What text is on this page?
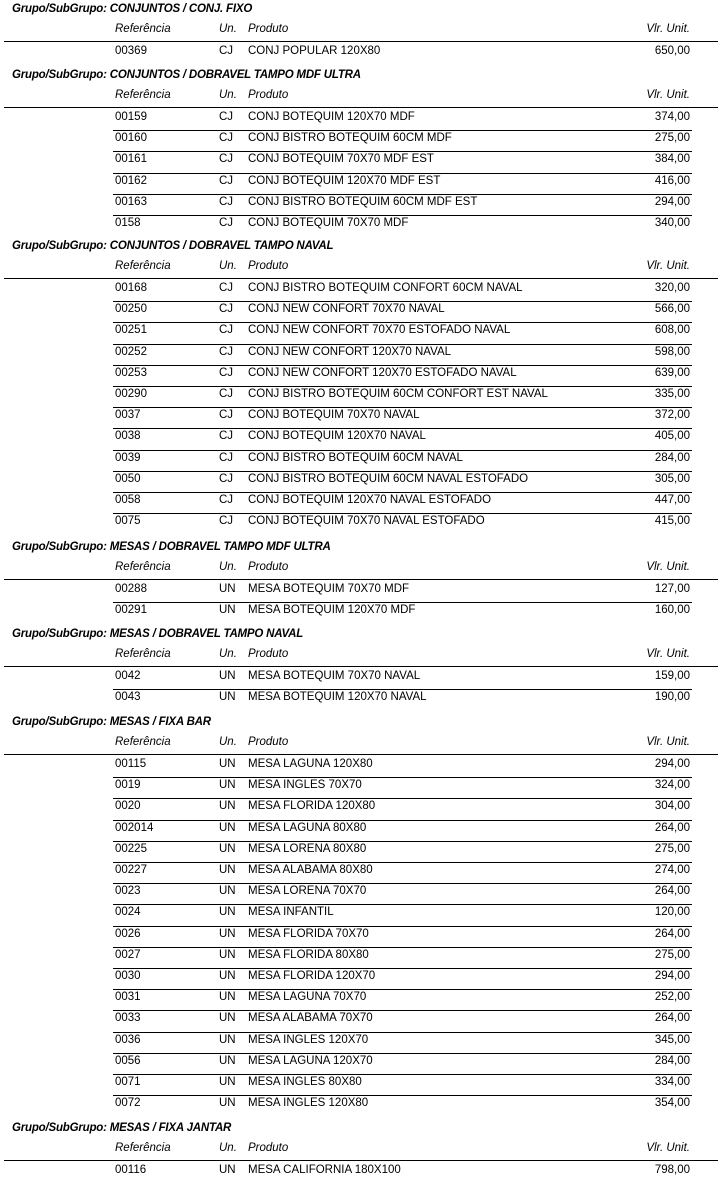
Grupo/SubGrupo: CONJUNTOS / CONJ. FIXO
Referência	Un. Produto	Vlr. Unit.
00369	CJ CONJ POPULAR 120X80	650,00
Grupo/SubGrupo: CONJUNTOS / DOBRAVEL TAMPO MDF ULTRA
Referência	Un. Produto	Vlr. Unit.
00159	CJ CONJ BOTEQUIM 120X70 MDF	374,00
00160	CJ CONJ BISTRO BOTEQUIM 60CM MDF	275,00
00161	CJ CONJ BOTEQUIM 70X70 MDF EST	384,00
00162	CJ CONJ BOTEQUIM 120X70 MDF EST	416,00
00163	CJ CONJ BISTRO BOTEQUIM 60CM MDF EST	294,00
0158	CJ CONJ BOTEQUIM 70X70 MDF	340,00
Grupo/SubGrupo: CONJUNTOS / DOBRAVEL TAMPO NAVAL
Referência	Un. Produto	Vlr. Unit.
00168	CJ CONJ BISTRO BOTEQUIM CONFORT 60CM NAVAL	320,00
00250	CJ CONJ NEW CONFORT 70X70 NAVAL	566,00
00251	CJ CONJ NEW CONFORT 70X70 ESTOFADO NAVAL	608,00
00252	CJ CONJ NEW CONFORT 120X70 NAVAL	598,00
00253	CJ CONJ NEW CONFORT 120X70 ESTOFADO NAVAL	639,00
00290	CJ CONJ BISTRO BOTEQUIM 60CM CONFORT EST NAVAL	335,00
0037	CJ CONJ BOTEQUIM 70X70 NAVAL	372,00
0038	CJ CONJ BOTEQUIM 120X70 NAVAL	405,00
0039	CJ CONJ BISTRO BOTEQUIM 60CM NAVAL	284,00
0050	CJ CONJ BISTRO BOTEQUIM 60CM NAVAL ESTOFADO	305,00
0058	CJ CONJ BOTEQUIM 120X70 NAVAL ESTOFADO	447,00
0075	CJ CONJ BOTEQUIM 70X70 NAVAL ESTOFADO	415,00
Grupo/SubGrupo: MESAS / DOBRAVEL TAMPO MDF ULTRA
Referência	Un. Produto	Vlr. Unit.
00288	UN MESA BOTEQUIM 70X70 MDF	127,00
00291	UN MESA BOTEQUIM 120X70 MDF	160,00
Grupo/SubGrupo: MESAS / DOBRAVEL TAMPO NAVAL
Referência	Un. Produto	Vlr. Unit.
0042	UN MESA BOTEQUIM 70X70 NAVAL	159,00
0043	UN MESA BOTEQUIM 120X70 NAVAL	190,00
Grupo/SubGrupo: MESAS / FIXA BAR
Referência	Un. Produto	Vlr. Unit.
00115	UN MESA LAGUNA 120X80	294,00
0019	UN MESA INGLES 70X70	324,00
0020	UN MESA FLORIDA 120X80	304,00
002014	UN MESA LAGUNA 80X80	264,00
00225	UN MESA LORENA 80X80	275,00
00227	UN MESA ALABAMA 80X80	274,00
0023	UN MESA LORENA 70X70	264,00
0024	UN MESA INFANTIL	120,00
0026	UN MESA FLORIDA 70X70	264,00
0027	UN MESA FLORIDA 80X80	275,00
0030	UN MESA FLORIDA 120X70	294,00
0031	UN MESA LAGUNA 70X70	252,00
0033	UN MESA ALABAMA 70X70	264,00
0036	UN MESA INGLES 120X70	345,00
0056	UN MESA LAGUNA 120X70	284,00
0071	UN MESA INGLES 80X80	334,00
0072	UN MESA INGLES 120X80	354,00
Grupo/SubGrupo: MESAS / FIXA JANTAR
Referência	Un. Produto	Vlr. Unit.
00116	UN MESA CALIFORNIA 180X100	798,00
